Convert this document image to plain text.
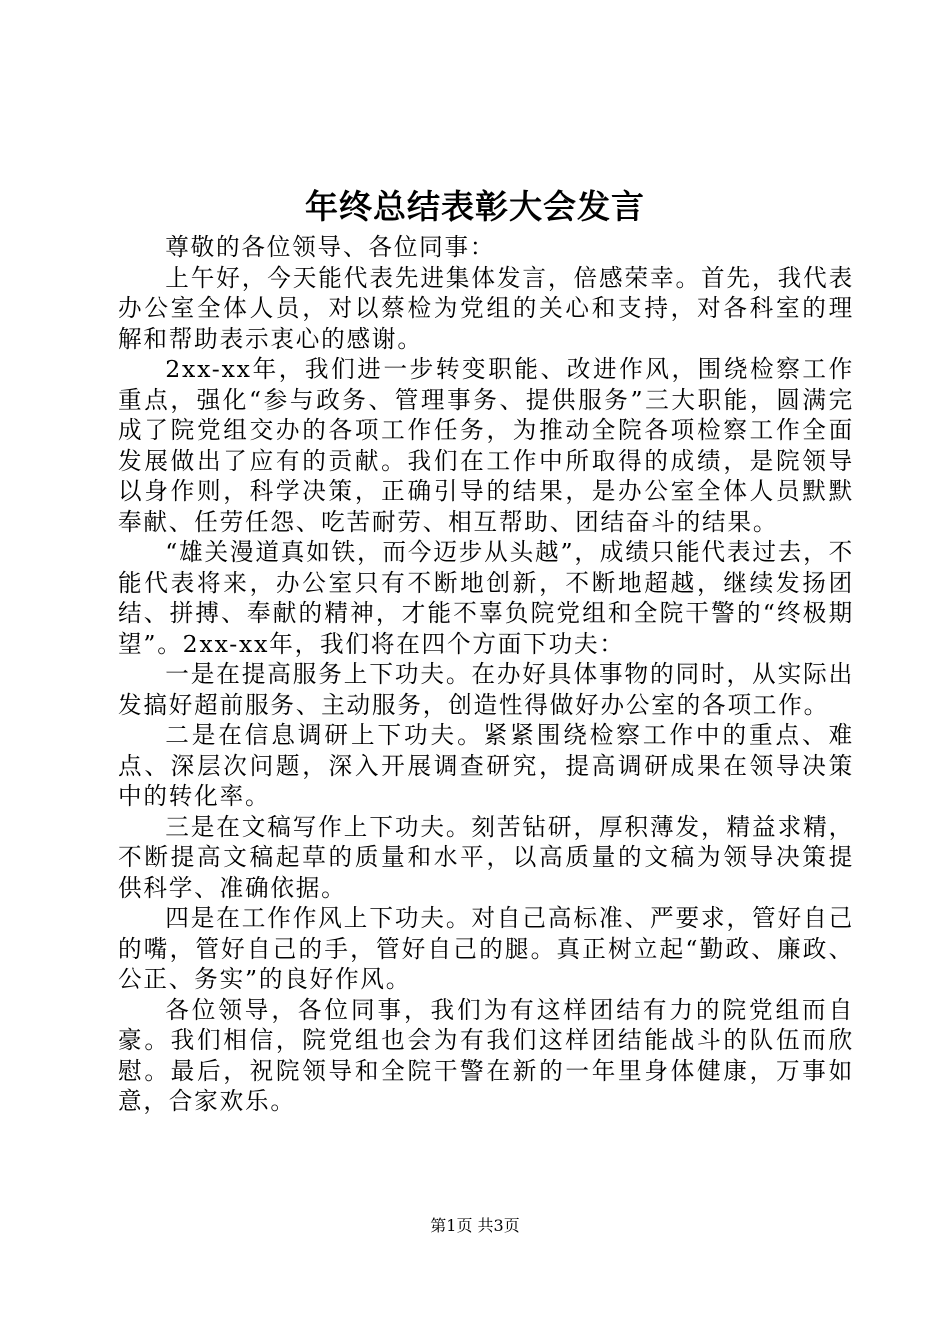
年终总结表彰大会发言

尊敬的各位领导、各位同事：

上午好，今天能代表先进集体发言，倍感荣幸。首先，我代表办公室全体人员，对以蔡检为党组的关心和支持，对各科室的理解和帮助表示衷心的感谢。

2xx-xx年，我们进一步转变职能、改进作风，围绕检察工作重点，强化“参与政务、管理事务、提供服务”三大职能，圆满完成了院党组交办的各项工作任务，为推动全院各项检察工作全面发展做出了应有的贡献。我们在工作中所取得的成绩，是院领导以身作则，科学决策，正确引导的结果，是办公室全体人员默默奉献、任劳任怨、吃苦耐劳、相互帮助、团结奋斗的结果。

“雄关漫道真如铁，而今迈步从头越”，成绩只能代表过去，不能代表将来，办公室只有不断地创新，不断地超越，继续发扬团结、拼搏、奉献的精神，才能不辜负院党组和全院干警的“终极期望”。2xx-xx年，我们将在四个方面下功夫：

一是在提高服务上下功夫。在办好具体事物的同时，从实际出发搞好超前服务、主动服务，创造性得做好办公室的各项工作。

二是在信息调研上下功夫。紧紧围绕检察工作中的重点、难点、深层次问题，深入开展调查研究，提高调研成果在领导决策中的转化率。

三是在文稿写作上下功夫。刻苦钻研，厚积薄发，精益求精，不断提高文稿起草的质量和水平，以高质量的文稿为领导决策提供科学、准确依据。

四是在工作作风上下功夫。对自己高标准、严要求，管好自己的嘴，管好自己的手，管好自己的腿。真正树立起“勤政、廉政、公正、务实”的良好作风。

各位领导，各位同事，我们为有这样团结有力的院党组而自豪。我们相信，院党组也会为有我们这样团结能战斗的队伍而欣慰。最后，祝院领导和全院干警在新的一年里身体健康，万事如意，合家欢乐。

第1页 共3页
